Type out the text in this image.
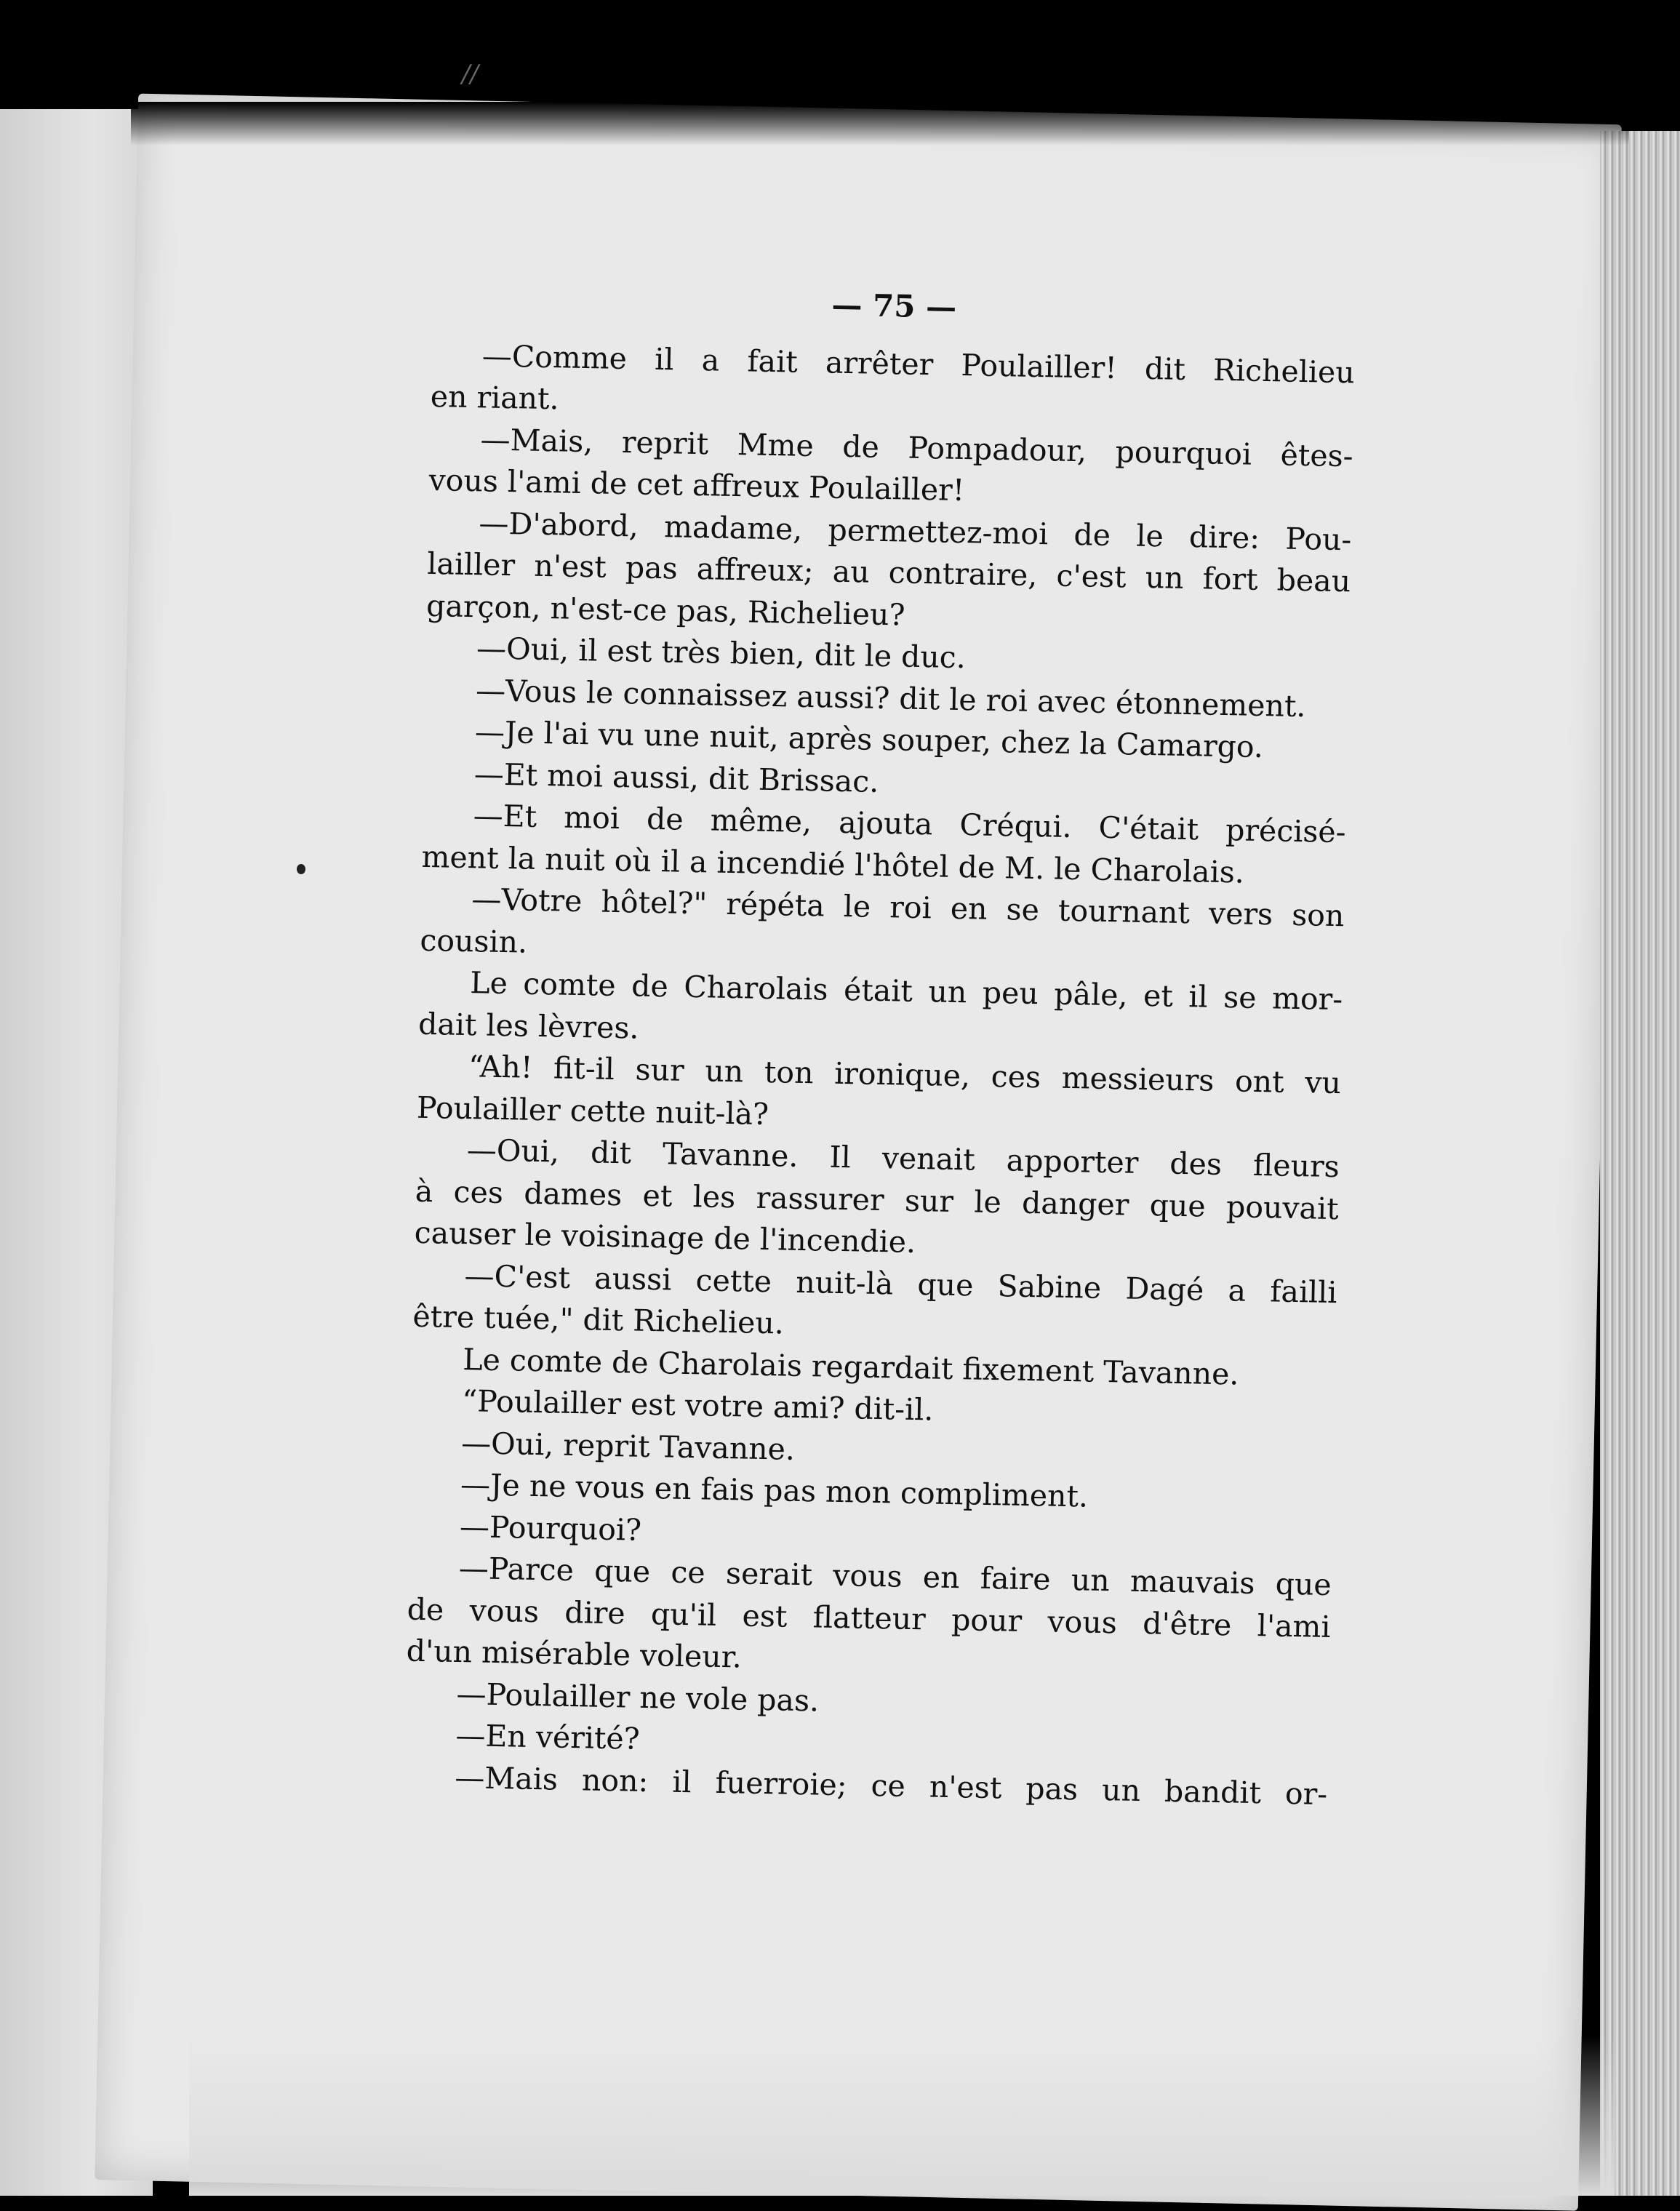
//
— 75 —
—Comme il a fait arrêter Poulailler! dit Richelieu
en riant.
—Mais, reprit Mme de Pompadour, pourquoi êtes-
vous l'ami de cet affreux Poulailler!
—D'abord, madame, permettez-moi de le dire: Pou-
lailler n'est pas affreux; au contraire, c'est un fort beau
garçon, n'est-ce pas, Richelieu?
—Oui, il est très bien, dit le duc.
—Vous le connaissez aussi? dit le roi avec étonnement.
—Je l'ai vu une nuit, après souper, chez la Camargo.
—Et moi aussi, dit Brissac.
—Et moi de même, ajouta Créqui. C'était précisé-
ment la nuit où il a incendié l'hôtel de M. le Charolais.
—Votre hôtel?" répéta le roi en se tournant vers son
cousin.
Le comte de Charolais était un peu pâle, et il se mor-
dait les lèvres.
“Ah! fit-il sur un ton ironique, ces messieurs ont vu
Poulailler cette nuit-là?
—Oui, dit Tavanne. Il venait apporter des fleurs
à ces dames et les rassurer sur le danger que pouvait
causer le voisinage de l'incendie.
—C'est aussi cette nuit-là que Sabine Dagé a failli
être tuée," dit Richelieu.
Le comte de Charolais regardait fixement Tavanne.
“Poulailler est votre ami? dit-il.
—Oui, reprit Tavanne.
—Je ne vous en fais pas mon compliment.
—Pourquoi?
—Parce que ce serait vous en faire un mauvais que
de vous dire qu'il est flatteur pour vous d'être l'ami
d'un misérable voleur.
—Poulailler ne vole pas.
—En vérité?
—Mais non: il fuerroie; ce n'est pas un bandit or-
